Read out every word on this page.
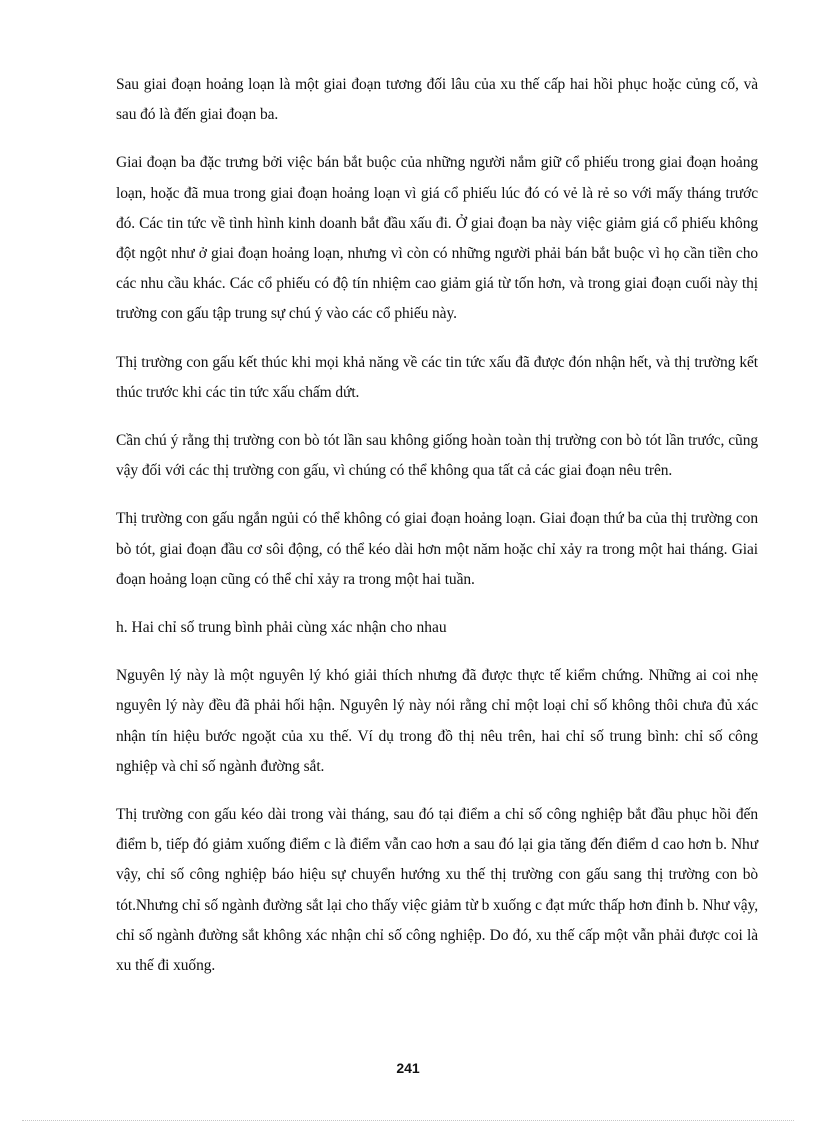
Sau giai đoạn hoảng loạn là một giai đoạn tương đối lâu của xu thế cấp hai hồi phục hoặc củng cố, và sau đó là đến giai đoạn ba.

Giai đoạn ba đặc trưng bởi việc bán bắt buộc của những người nắm giữ cổ phiếu trong giai đoạn hoảng loạn, hoặc đã mua trong giai đoạn hoảng loạn vì giá cổ phiếu lúc đó có vẻ là rẻ so với mấy tháng trước đó. Các tin tức về tình hình kinh doanh bắt đầu xấu đi. Ở giai đoạn ba này việc giảm giá cổ phiếu không đột ngột như ở giai đoạn hoảng loạn, nhưng vì còn có những người phải bán bắt buộc vì họ cần tiền cho các nhu cầu khác. Các cổ phiếu có độ tín nhiệm cao giảm giá từ tốn hơn, và trong giai đoạn cuối này thị trường con gấu tập trung sự chú ý vào các cổ phiếu này.

Thị trường con gấu kết thúc khi mọi khả năng về các tin tức xấu đã được đón nhận hết, và thị trường kết thúc trước khi các tin tức xấu chấm dứt.

Cần chú ý rằng thị trường con bò tót lần sau không giống hoàn toàn thị trường con bò tót lần trước, cũng vậy đối với các thị trường con gấu, vì chúng có thể không qua tất cả các giai đoạn nêu trên.

Thị trường con gấu ngắn ngủi có thể không có giai đoạn hoảng loạn. Giai đoạn thứ ba của thị trường con bò tót, giai đoạn đầu cơ sôi động, có thể kéo dài hơn một năm hoặc chỉ xảy ra trong một hai tháng. Giai đoạn hoảng loạn cũng có thể chỉ xảy ra trong một hai tuần.

h. Hai chỉ số trung bình phải cùng xác nhận cho nhau

Nguyên lý này là một nguyên lý khó giải thích nhưng đã được thực tế kiểm chứng. Những ai coi nhẹ nguyên lý này đều đã phải hối hận. Nguyên lý này nói rằng chỉ một loại chỉ số không thôi chưa đủ xác nhận tín hiệu bước ngoặt của xu thế. Ví dụ trong đồ thị nêu trên, hai chỉ số trung bình: chỉ số công nghiệp và chỉ số ngành đường sắt.

Thị trường con gấu kéo dài trong vài tháng, sau đó tại điểm a chỉ số công nghiệp bắt đầu phục hồi đến điểm b, tiếp đó giảm xuống điểm c là điểm vẫn cao hơn a sau đó lại gia tăng đến điểm d cao hơn b. Như vậy, chỉ số công nghiệp báo hiệu sự chuyển hướng xu thế thị trường con gấu sang thị trường con bò tót.Nhưng chỉ số ngành đường sắt lại cho thấy việc giảm từ b xuống c đạt mức thấp hơn đỉnh b. Như vậy, chỉ số ngành đường sắt không xác nhận chỉ số công nghiệp. Do đó, xu thế cấp một vẫn phải được coi là xu thế đi xuống.

241
